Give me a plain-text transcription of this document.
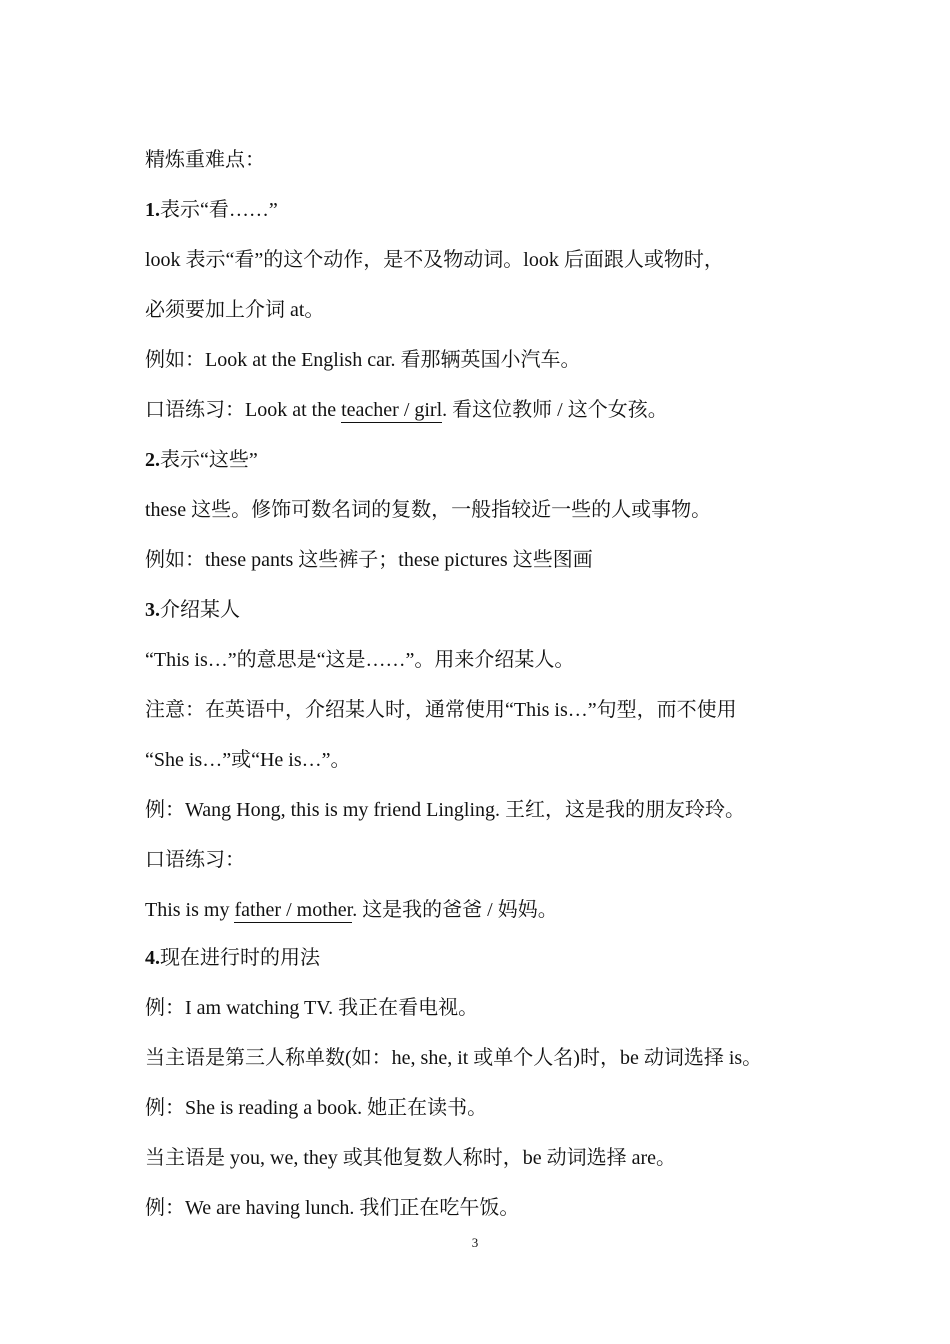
精炼重难点：
1.表示“看……”
look 表示“看”的这个动作，是不及物动词。look 后面跟人或物时，
必须要加上介词 at。
例如：Look at the English car. 看那辆英国小汽车。
口语练习：Look at the teacher / girl. 看这位教师 / 这个女孩。
2.表示“这些”
these 这些。修饰可数名词的复数，一般指较近一些的人或事物。
例如：these pants 这些裤子；these pictures 这些图画
3.介绍某人
“This is…”的意思是“这是……”。用来介绍某人。
注意：在英语中，介绍某人时，通常使用“This is…”句型，而不使用
“She is…”或“He is…”。
例：Wang Hong, this is my friend Lingling. 王红，这是我的朋友玲玲。
口语练习：
This is my father / mother. 这是我的爸爸 / 妈妈。
4.现在进行时的用法
例：I am watching TV. 我正在看电视。
当主语是第三人称单数(如：he, she, it 或单个人名)时，be 动词选择 is。
例：She is reading a book. 她正在读书。
当主语是 you, we, they 或其他复数人称时，be 动词选择 are。
例：We are having lunch. 我们正在吃午饭。
3
